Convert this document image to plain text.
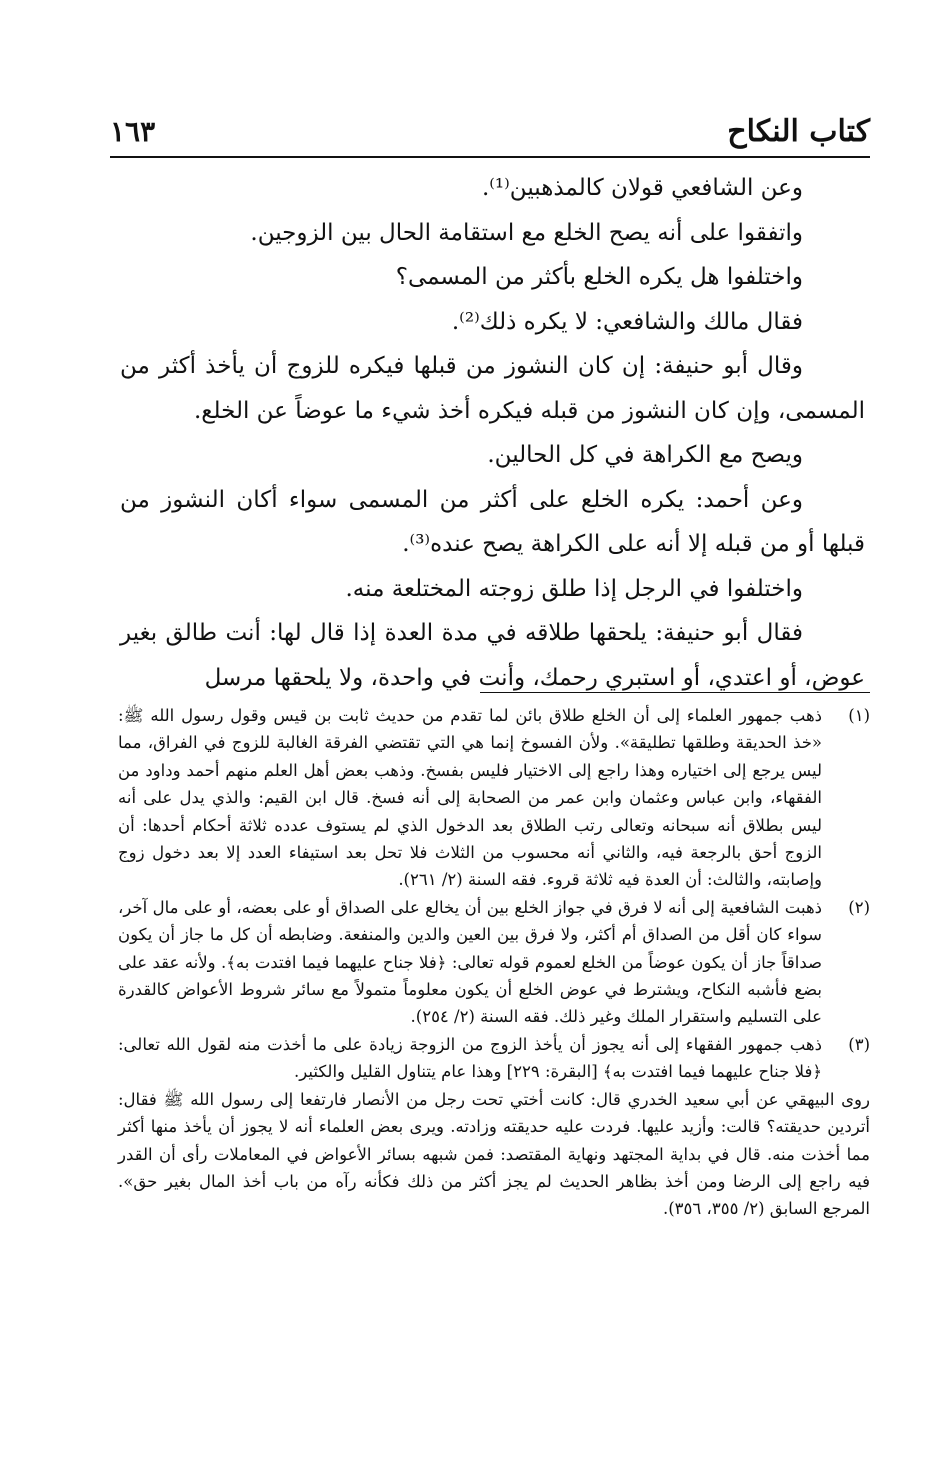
كتاب النكاح
١٦٣

وعن الشافعي قولان كالمذهبين⁽¹⁾.

واتفقوا على أنه يصح الخلع مع استقامة الحال بين الزوجين.

واختلفوا هل يكره الخلع بأكثر من المسمى؟

فقال مالك والشافعي: لا يكره ذلك⁽²⁾.

وقال أبو حنيفة: إن كان النشوز من قبلها فيكره للزوج أن يأخذ أكثر من المسمى، وإن كان النشوز من قبله فيكره أخذ شيء ما عوضاً عن الخلع.

ويصح مع الكراهة في كل الحالين.

وعن أحمد: يكره الخلع على أكثر من المسمى سواء أكان النشوز من قبلها أو من قبله إلا أنه على الكراهة يصح عنده⁽³⁾.

واختلفوا في الرجل إذا طلق زوجته المختلعة منه.

فقال أبو حنيفة: يلحقها طلاقه في مدة العدة إذا قال لها: أنت طالق بغير عوض، أو اعتدي، أو استبري رحمك، وأنت في واحدة، ولا يلحقها مرسل

(١)

ذهب جمهور العلماء إلى أن الخلع طلاق بائن لما تقدم من حديث ثابت بن قيس وقول رسول الله ﷺ: «خذ الحديقة وطلقها تطليقة». ولأن الفسوخ إنما هي التي تقتضي الفرقة الغالبة للزوج في الفراق، مما ليس يرجع إلى اختياره وهذا راجع إلى الاختيار فليس بفسخ. وذهب بعض أهل العلم منهم أحمد وداود من الفقهاء، وابن عباس وعثمان وابن عمر من الصحابة إلى أنه فسخ. قال ابن القيم: والذي يدل على أنه ليس بطلاق أنه سبحانه وتعالى رتب الطلاق بعد الدخول الذي لم يستوف عدده ثلاثة أحكام أحدها: أن الزوج أحق بالرجعة فيه، والثاني أنه محسوب من الثلاث فلا تحل بعد استيفاء العدد إلا بعد دخول زوج وإصابته، والثالث: أن العدة فيه ثلاثة قروء. فقه السنة (٢/ ٢٦١).

(٢)

ذهبت الشافعية إلى أنه لا فرق في جواز الخلع بين أن يخالع على الصداق أو على بعضه، أو على مال آخر، سواء كان أقل من الصداق أم أكثر، ولا فرق بين العين والدين والمنفعة. وضابطه أن كل ما جاز أن يكون صداقاً جاز أن يكون عوضاً من الخلع لعموم قوله تعالى: ﴿فلا جناح عليهما فيما افتدت به﴾. ولأنه عقد على بضع فأشبه النكاح، ويشترط في عوض الخلع أن يكون معلوماً متمولاً مع سائر شروط الأعواض كالقدرة على التسليم واستقرار الملك وغير ذلك. فقه السنة (٢/ ٢٥٤).

(٣)

ذهب جمهور الفقهاء إلى أنه يجوز أن يأخذ الزوج من الزوجة زيادة على ما أخذت منه لقول الله تعالى: ﴿فلا جناح عليهما فيما افتدت به﴾ [البقرة: ٢٢٩] وهذا عام يتناول القليل والكثير.

روى البيهقي عن أبي سعيد الخدري قال: كانت أختي تحت رجل من الأنصار فارتفعا إلى رسول الله ﷺ فقال: أتردين حديقته؟ قالت: وأزيد عليها. فردت عليه حديقته وزادته. ويرى بعض العلماء أنه لا يجوز أن يأخذ منها أكثر مما أخذت منه. قال في بداية المجتهد ونهاية المقتصد: فمن شبهه بسائر الأعواض في المعاملات رأى أن القدر فيه راجع إلى الرضا ومن أخذ بظاهر الحديث لم يجز أكثر من ذلك فكأنه رآه من باب أخذ المال بغير حق». المرجع السابق (٢/ ٣٥٥، ٣٥٦).
